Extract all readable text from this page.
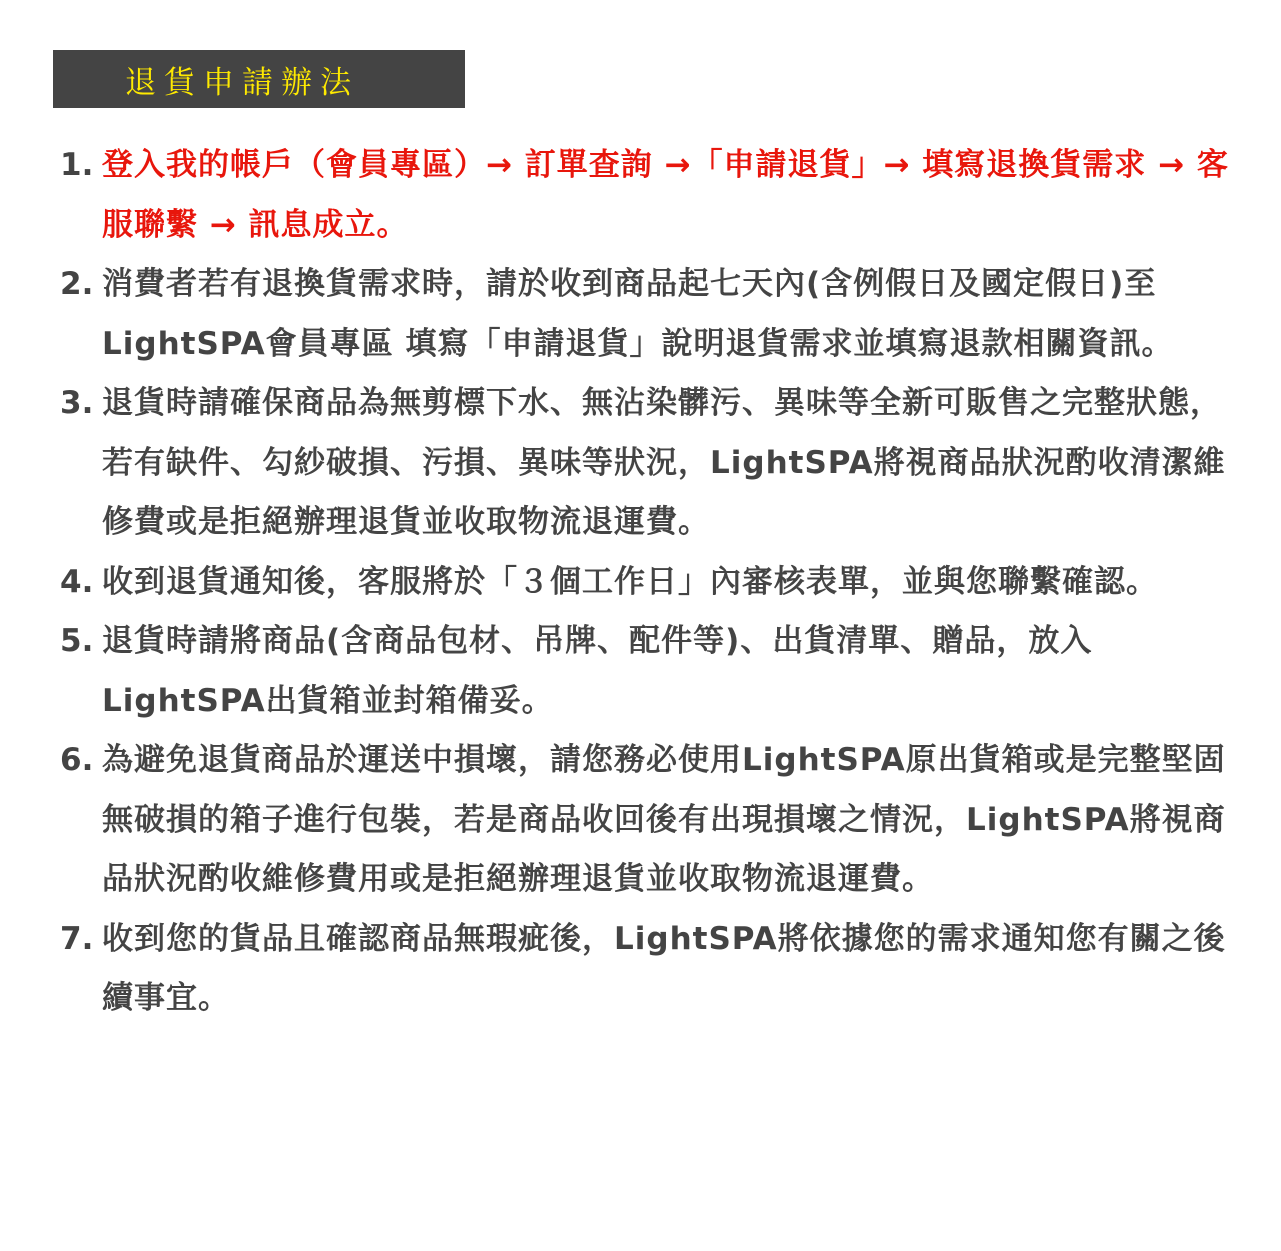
退貨申請辦法
1. 登入我的帳戶（會員專區）→ 訂單查詢 →「申請退貨」→ 填寫退換貨需求 → 客服聯繫 → 訊息成立。
2. 消費者若有退換貨需求時，請於收到商品起七天內(含例假日及國定假日)至LightSPA會員專區 填寫「申請退貨」說明退貨需求並填寫退款相關資訊。
3. 退貨時請確保商品為無剪標下水、無沾染髒污、異味等全新可販售之完整狀態，若有缺件、勾紗破損、污損、異味等狀況，LightSPA將視商品狀況酌收清潔維修費或是拒絕辦理退貨並收取物流退運費。
4. 收到退貨通知後，客服將於「３個工作日」內審核表單，並與您聯繫確認。
5. 退貨時請將商品(含商品包材、吊牌、配件等)、出貨清單、贈品，放入LightSPA出貨箱並封箱備妥。
6. 為避免退貨商品於運送中損壞，請您務必使用LightSPA原出貨箱或是完整堅固無破損的箱子進行包裝，若是商品收回後有出現損壞之情況，LightSPA將視商品狀況酌收維修費用或是拒絕辦理退貨並收取物流退運費。
7. 收到您的貨品且確認商品無瑕疵後，LightSPA將依據您的需求通知您有關之後續事宜。
